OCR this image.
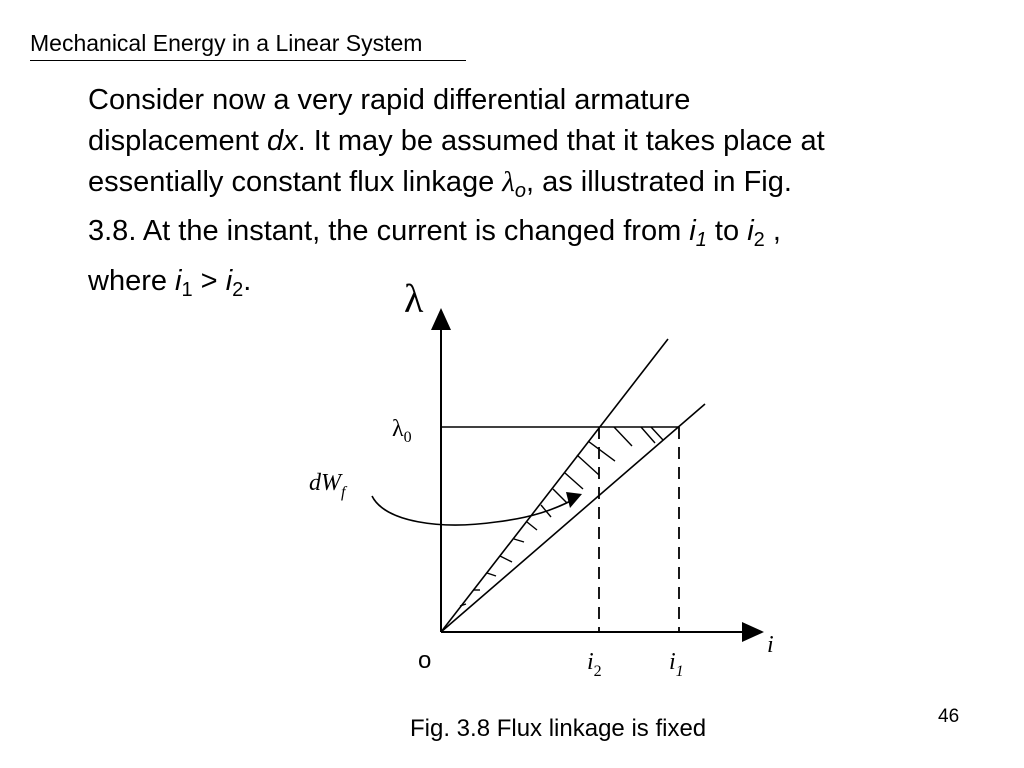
Mechanical Energy in a Linear System
Consider now a very rapid differential armature
displacement dx. It may be assumed that it takes place at
essentially constant flux linkage $\lambda_o$, as illustrated in Fig.
3.8. At the instant, the current is changed from $i_1$ to $i_2$ ,
where $i_1 > i_2$.	λ
i
o
$\lambda_0$
$dW_f$
$i_2$	$i_1$
Fig. 3.8 Flux linkage is fixed	46
